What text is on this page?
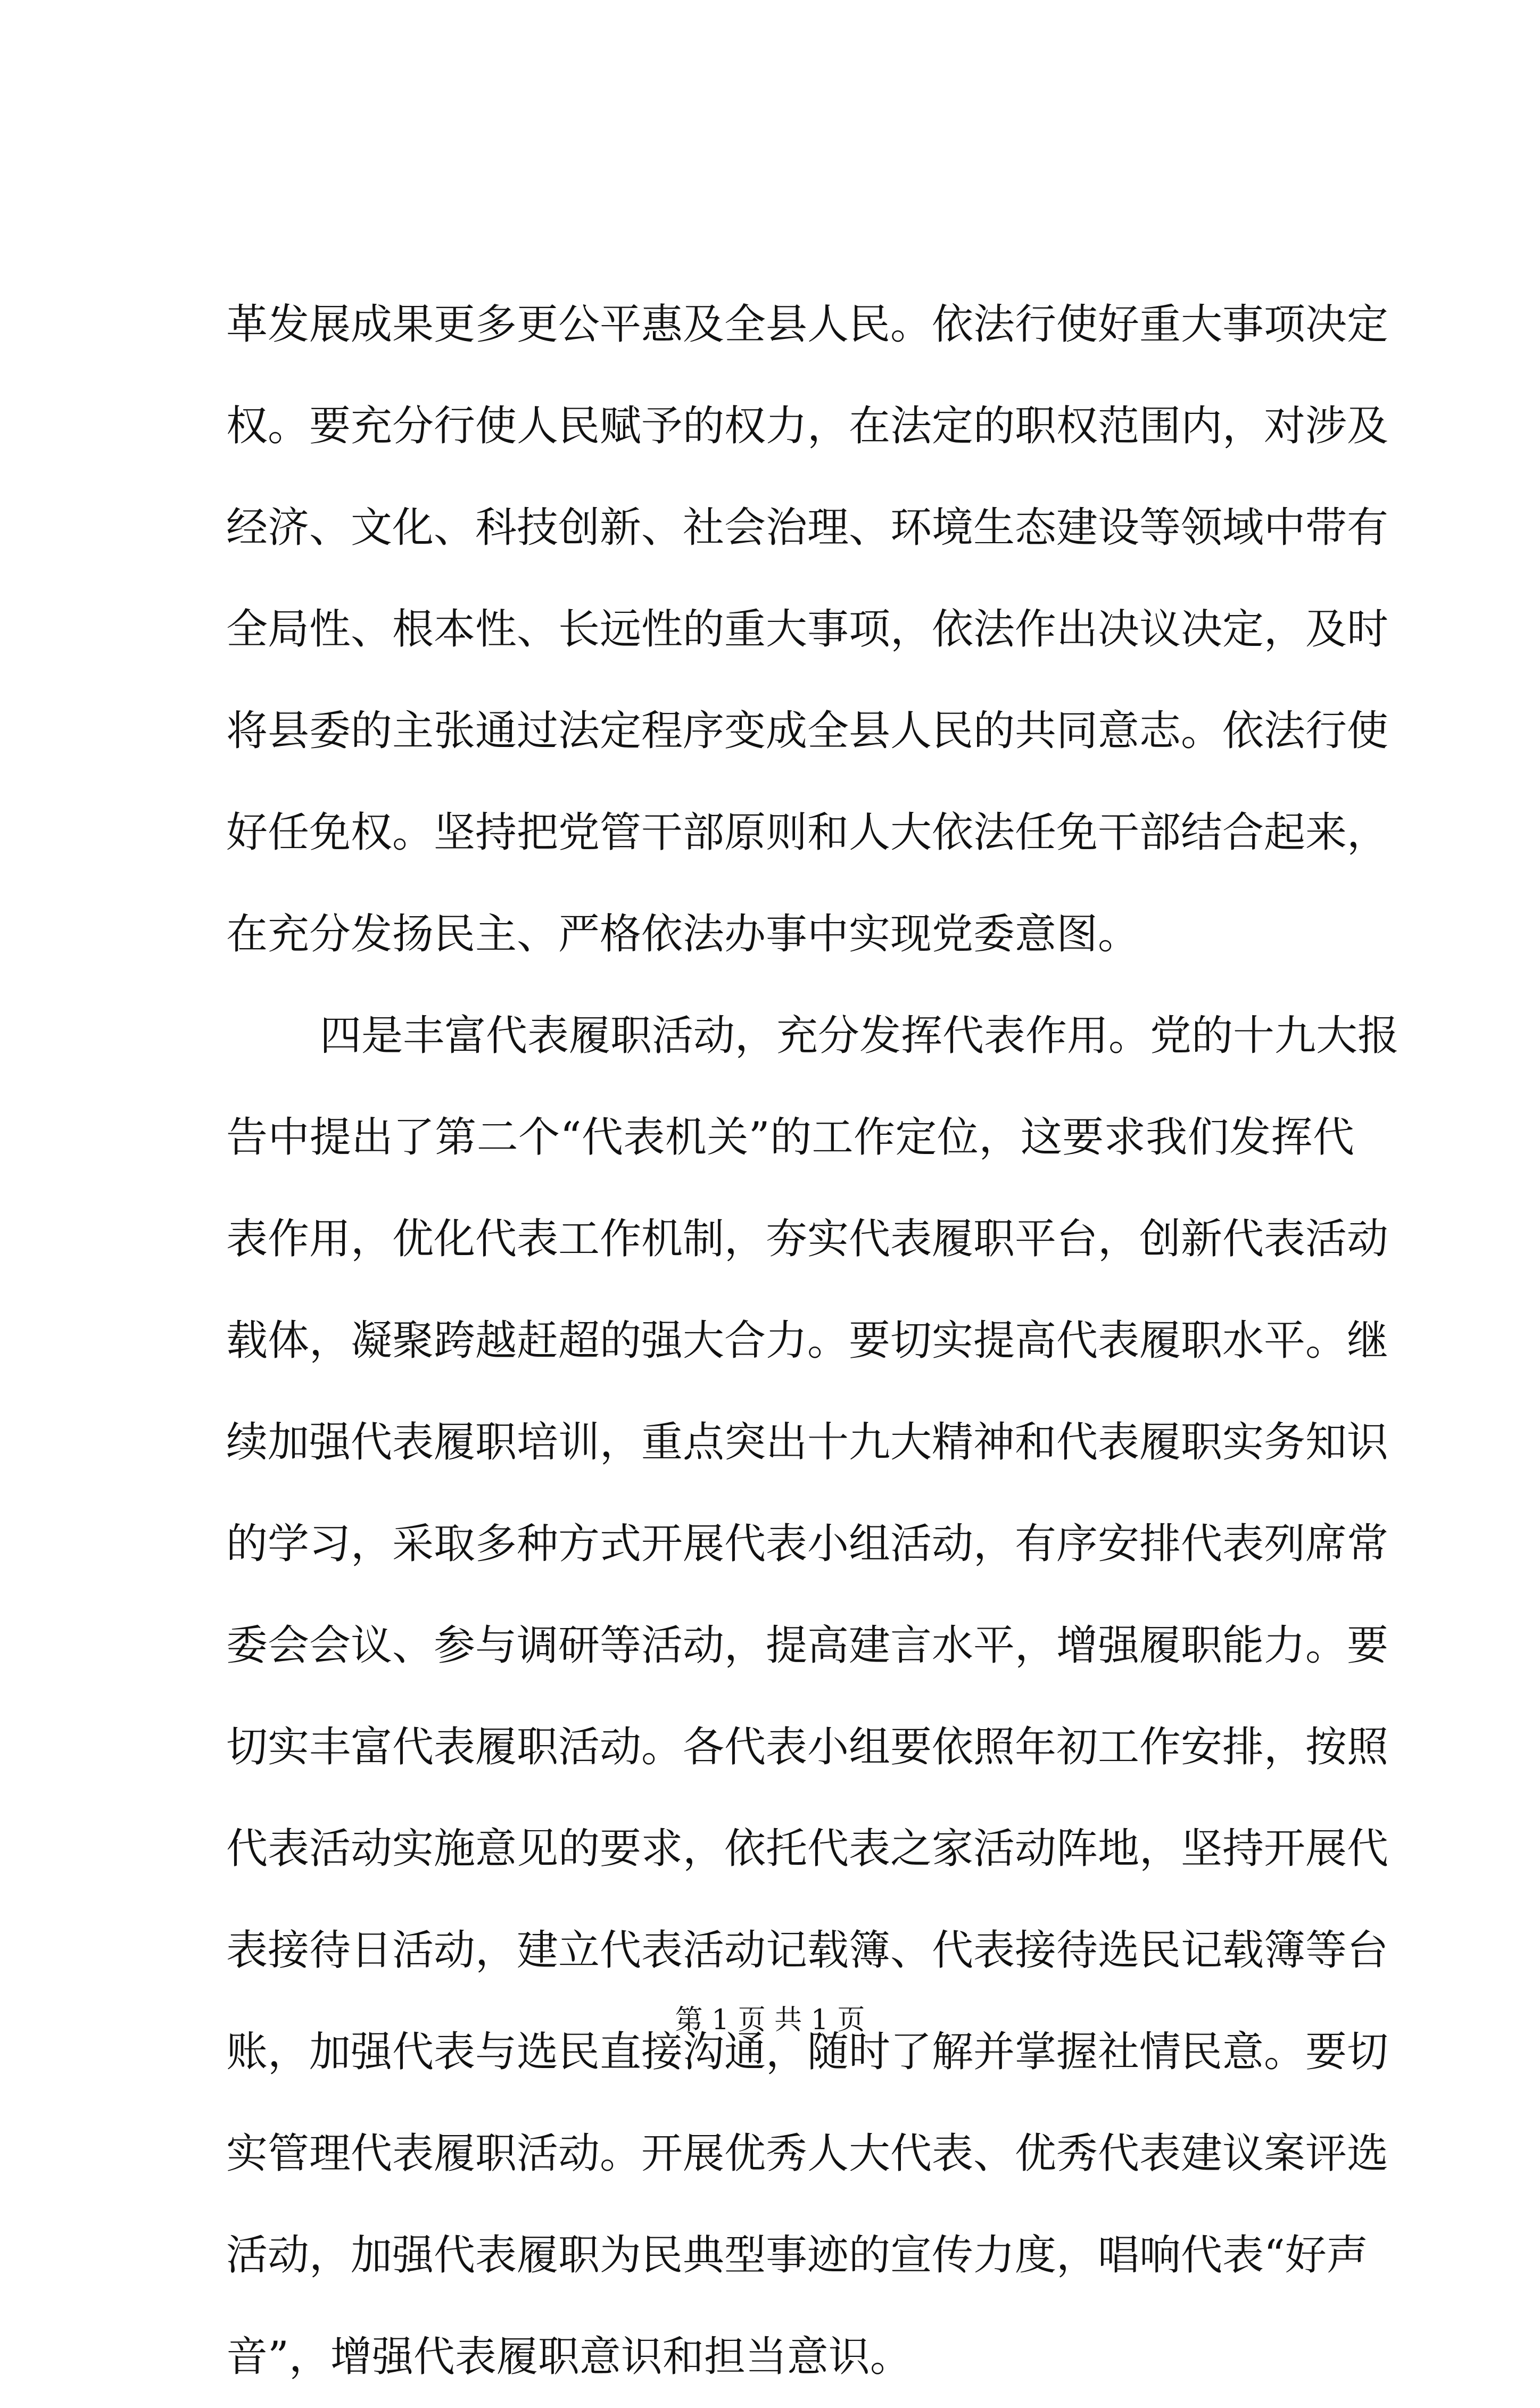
革发展成果更多更公平惠及全县人民。依法行使好重大事项决定
权。要充分行使人民赋予的权力，在法定的职权范围内，对涉及
经济、文化、科技创新、社会治理、环境生态建设等领域中带有
全局性、根本性、长远性的重大事项，依法作出决议决定，及时
将县委的主张通过法定程序变成全县人民的共同意志。依法行使
好任免权。坚持把党管干部原则和人大依法任免干部结合起来，
在充分发扬民主、严格依法办事中实现党委意图。
四是丰富代表履职活动，充分发挥代表作用。党的十九大报
告中提出了第二个“代表机关”的工作定位，这要求我们发挥代
表作用，优化代表工作机制，夯实代表履职平台，创新代表活动
载体，凝聚跨越赶超的强大合力。要切实提高代表履职水平。继
续加强代表履职培训，重点突出十九大精神和代表履职实务知识
的学习，采取多种方式开展代表小组活动，有序安排代表列席常
委会会议、参与调研等活动，提高建言水平，增强履职能力。要
切实丰富代表履职活动。各代表小组要依照年初工作安排，按照
代表活动实施意见的要求，依托代表之家活动阵地，坚持开展代
表接待日活动，建立代表活动记载簿、代表接待选民记载簿等台
账，加强代表与选民直接沟通，随时了解并掌握社情民意。要切
实管理代表履职活动。开展优秀人大代表、优秀代表建议案评选
活动，加强代表履职为民典型事迹的宣传力度，唱响代表“好声
音”，增强代表履职意识和担当意识。
第 1 页 共 1 页
